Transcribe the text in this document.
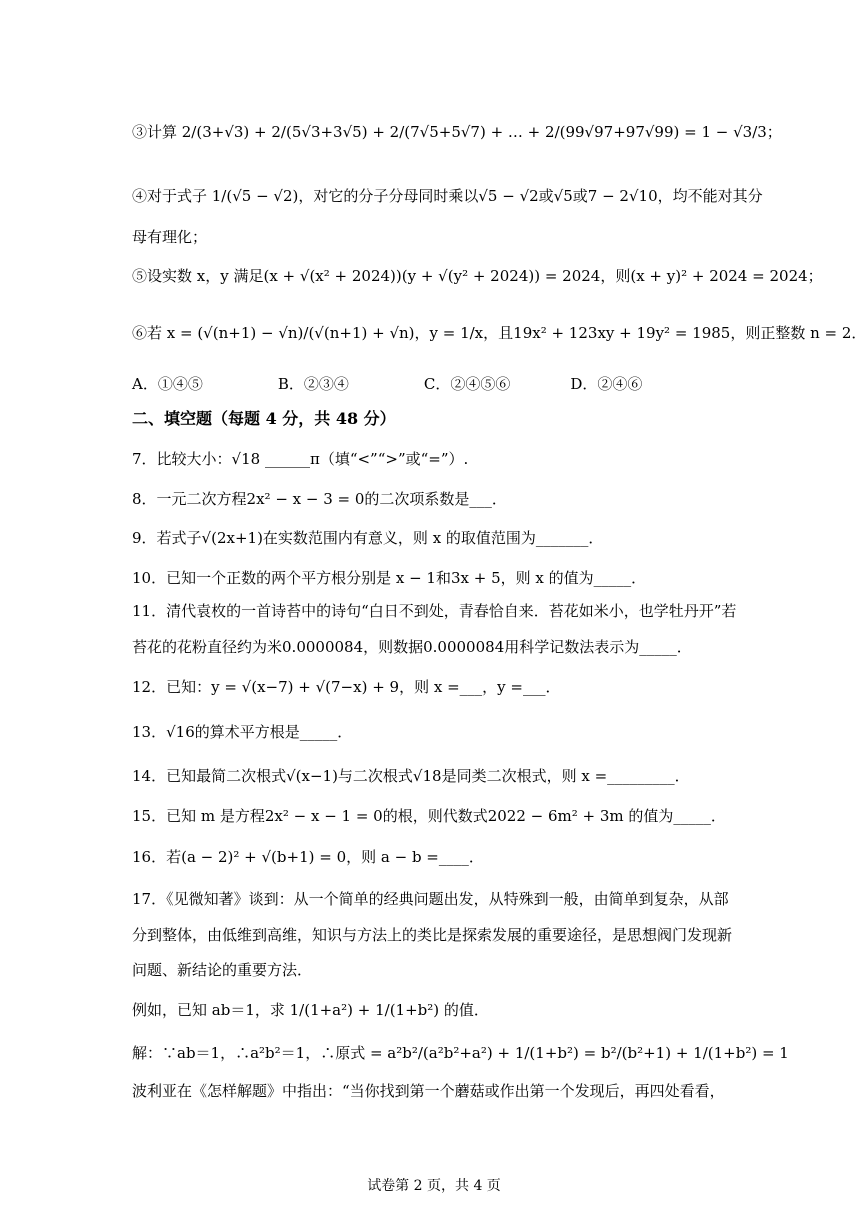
③计算 2/(3+√3) + 2/(5√3+3√5) + 2/(7√5+5√7) + … + 2/(99√97+97√99) = 1 − √3/3；
④对于式子 1/(√5 − √2)，对它的分子分母同时乘以√5 − √2或√5或7 − 2√10，均不能对其分
母有理化；
⑤设实数 x，y 满足(x + √(x² + 2024))(y + √(y² + 2024)) = 2024，则(x + y)² + 2024 = 2024；
⑥若 x = (√(n+1) − √n)/(√(n+1) + √n)，y = 1/x，且19x² + 123xy + 19y² = 1985，则正整数 n = 2．
A．①④⑤　　　　　B．②③④　　　　　C．②④⑤⑥　　　　D．②④⑥
二、填空题（每题 4 分，共 48 分）
7．比较大小：√18 ______π（填“<”“>”或“=”）.
8．一元二次方程2x² − x − 3 = 0的二次项系数是___．
9．若式子√(2x+1)在实数范围内有意义，则 x 的取值范围为_______．
10．已知一个正数的两个平方根分别是 x − 1和3x + 5，则 x 的值为_____．
11．清代袁枚的一首诗苔中的诗句“白日不到处，青春恰自来．苔花如米小，也学牡丹开”若
苔花的花粉直径约为米0.0000084，则数据0.0000084用科学记数法表示为_____．
12．已知：y = √(x−7) + √(7−x) + 9，则 x =___，y =___．
13．√16的算术平方根是_____．
14．已知最简二次根式√(x−1)与二次根式√18是同类二次根式，则 x =_________．
15．已知 m 是方程2x² − x − 1 = 0的根，则代数式2022 − 6m² + 3m 的值为_____．
16．若(a − 2)² + √(b+1) = 0，则 a − b =____．
17．《见微知著》谈到：从一个简单的经典问题出发，从特殊到一般，由简单到复杂，从部
分到整体，由低维到高维，知识与方法上的类比是探索发展的重要途径，是思想阀门发现新
问题、新结论的重要方法．
例如，已知 ab＝1，求 1/(1+a²) + 1/(1+b²) 的值．
解：∵ab＝1，∴a²b²＝1，∴原式 = a²b²/(a²b²+a²) + 1/(1+b²) = b²/(b²+1) + 1/(1+b²) = 1
波利亚在《怎样解题》中指出：“当你找到第一个蘑菇或作出第一个发现后，再四处看看，
试卷第 2 页，共 4 页
